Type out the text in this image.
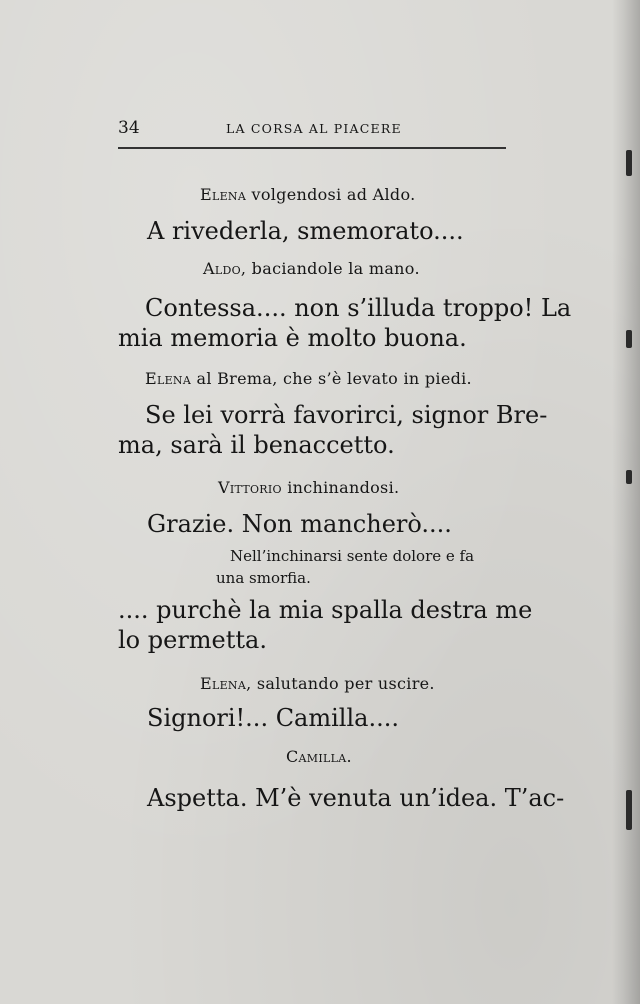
34	LA CORSA AL PIACERE
Elena volgendosi ad Aldo.
A rivederla, smemorato....
Aldo, baciandole la mano.
Contessa.... non s’illuda troppo! La
mia memoria è molto buona.
Elena al Brema, che s’è levato in piedi.
Se lei vorrà favorirci, signor Bre-
ma, sarà il benaccetto.
Vittorio inchinandosi.
Grazie. Non mancherò....
Nell’inchinarsi sente dolore e fa
una smorfia.
.... purchè la mia spalla destra me
lo permetta.
Elena, salutando per uscire.
Signori!... Camilla....
Camilla.
Aspetta. M’è venuta un’idea. T’ac-
